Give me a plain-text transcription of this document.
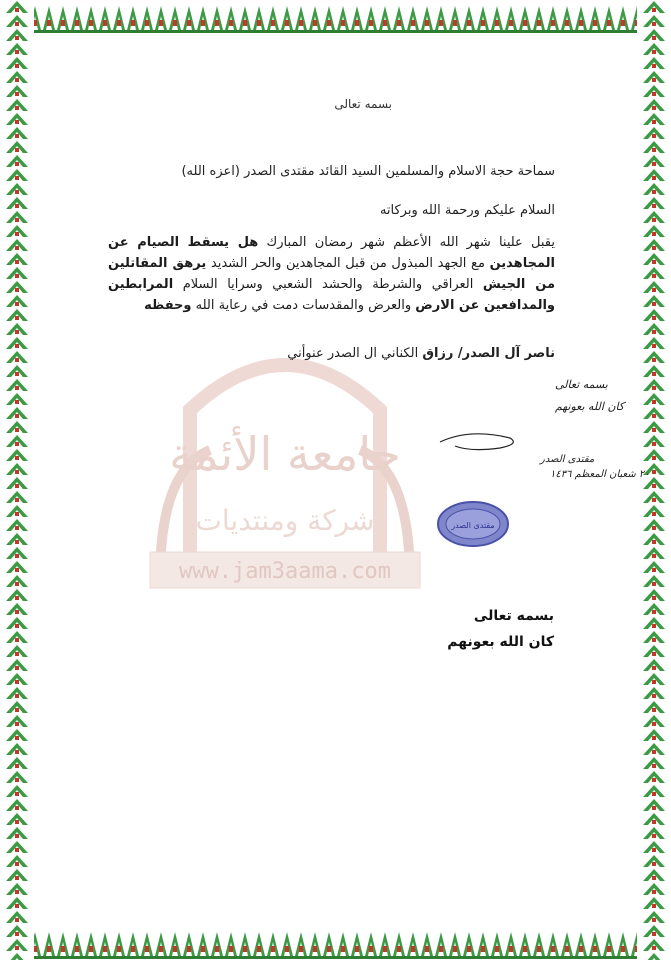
جامعة الأئمة
شركة ومنتديات
www.jam3aama.com
بسمه تعالى
سماحة حجة الاسلام والمسلمين السيد القائد مقتدى الصدر (اعزه الله)
السلام عليكم ورحمة الله وبركاته
يقبل علينا شهر الله الأعظم شهر رمضان المبارك هل يسقط الصيام عن المجاهدين مع الجهد المبذول من قبل المجاهدين والحر الشديد يرهق المقاتلين من الجيش العراقي والشرطة والحشد الشعبي وسرايا السلام المرابطين والمدافعين عن الارض والعرض والمقدسات دمت في رعاية الله وحفظه
ناصر آل الصدر/ رزاق الكناني ال الصدر عنوأني
بسمه تعالى
كان الله بعونهم
مقتدى الصدر
٢٠ شعبان المعظم ١٤٣٦
مقتدى الصدر
بسمه تعالى
كان الله بعونهم
